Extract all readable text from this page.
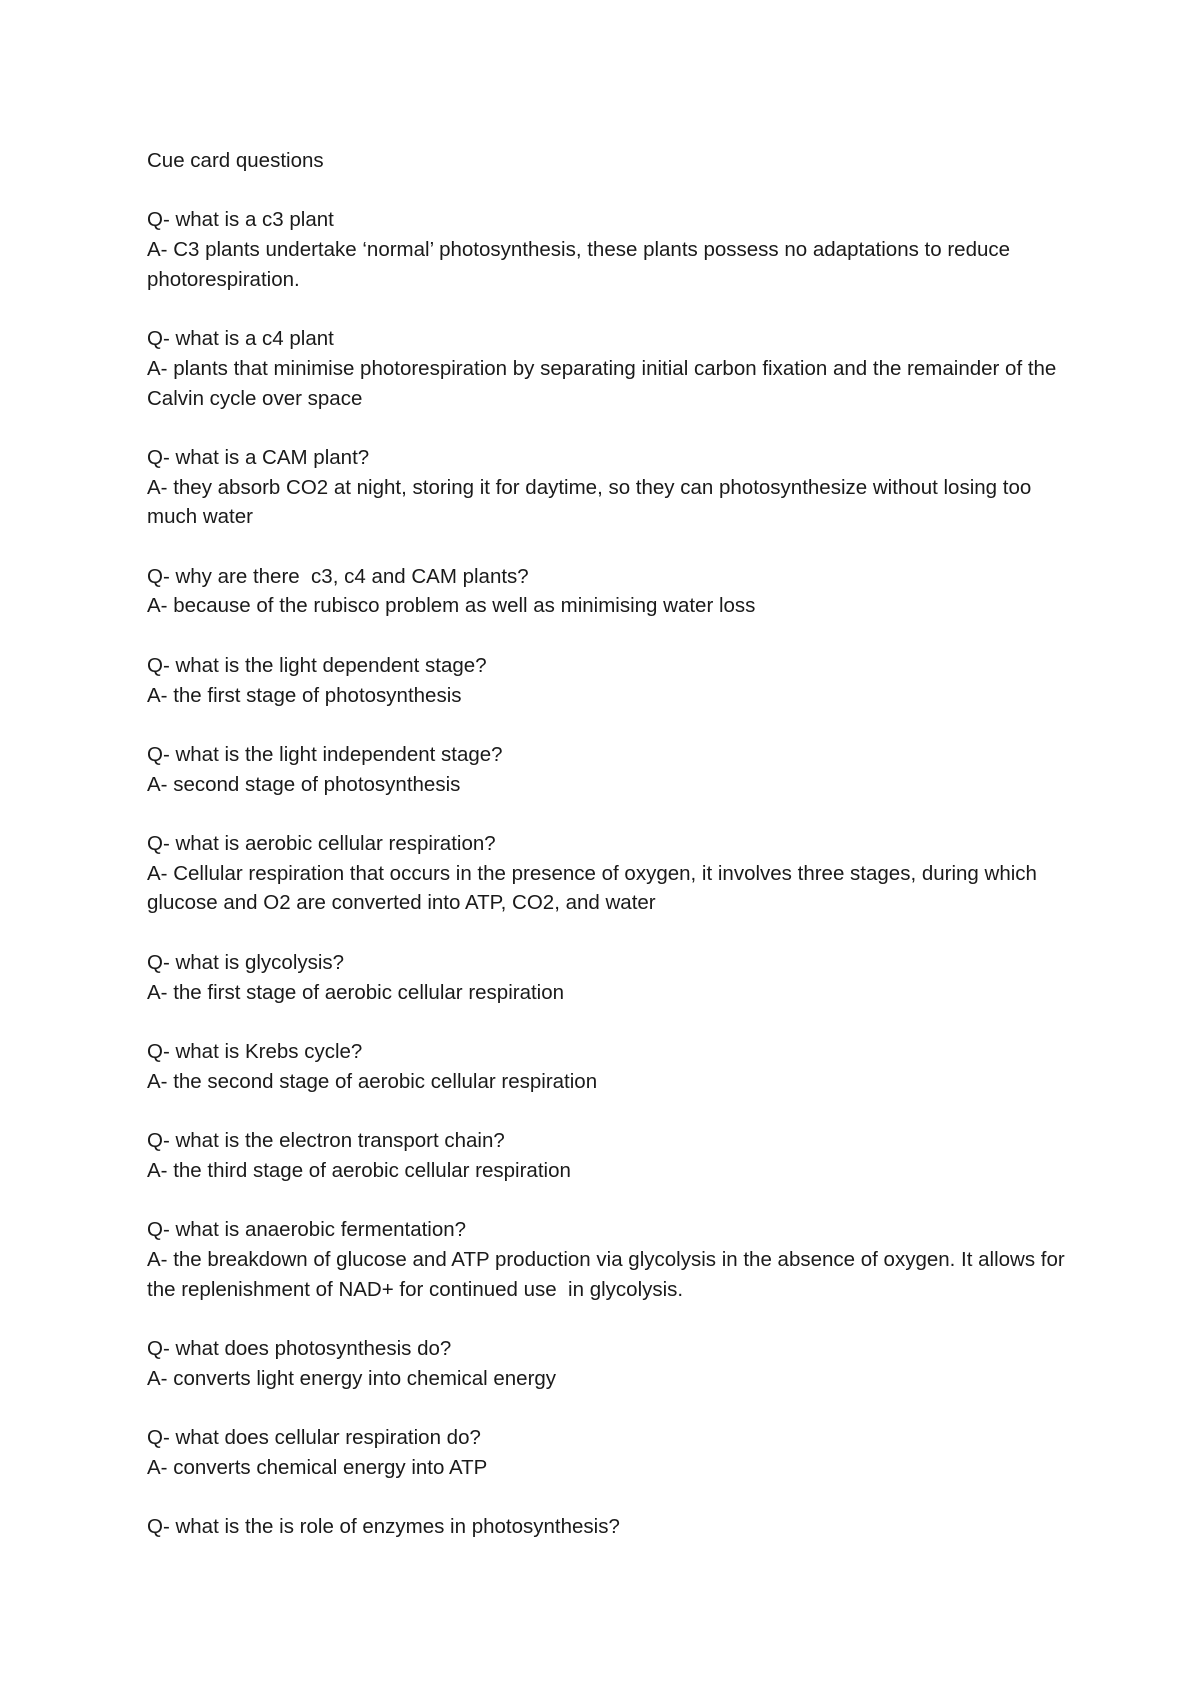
Cue card questions
Q- what is a c3 plant
A- C3 plants undertake ‘normal’ photosynthesis, these plants possess no adaptations to reduce photorespiration.
Q- what is a c4 plant
A- plants that minimise photorespiration by separating initial carbon fixation and the remainder of the Calvin cycle over space
Q- what is a CAM plant?
A- they absorb CO2 at night, storing it for daytime, so they can photosynthesize without losing too much water
Q- why are there  c3, c4 and CAM plants?
A- because of the rubisco problem as well as minimising water loss
Q- what is the light dependent stage?
A- the first stage of photosynthesis
Q- what is the light independent stage?
A- second stage of photosynthesis
Q- what is aerobic cellular respiration?
A- Cellular respiration that occurs in the presence of oxygen, it involves three stages, during which glucose and O2 are converted into ATP, CO2, and water
Q- what is glycolysis?
A- the first stage of aerobic cellular respiration
Q- what is Krebs cycle?
A- the second stage of aerobic cellular respiration
Q- what is the electron transport chain?
A- the third stage of aerobic cellular respiration
Q- what is anaerobic fermentation?
A- the breakdown of glucose and ATP production via glycolysis in the absence of oxygen. It allows for the replenishment of NAD+ for continued use  in glycolysis.
Q- what does photosynthesis do?
A- converts light energy into chemical energy
Q- what does cellular respiration do?
A- converts chemical energy into ATP
Q- what is the is role of enzymes in photosynthesis?
